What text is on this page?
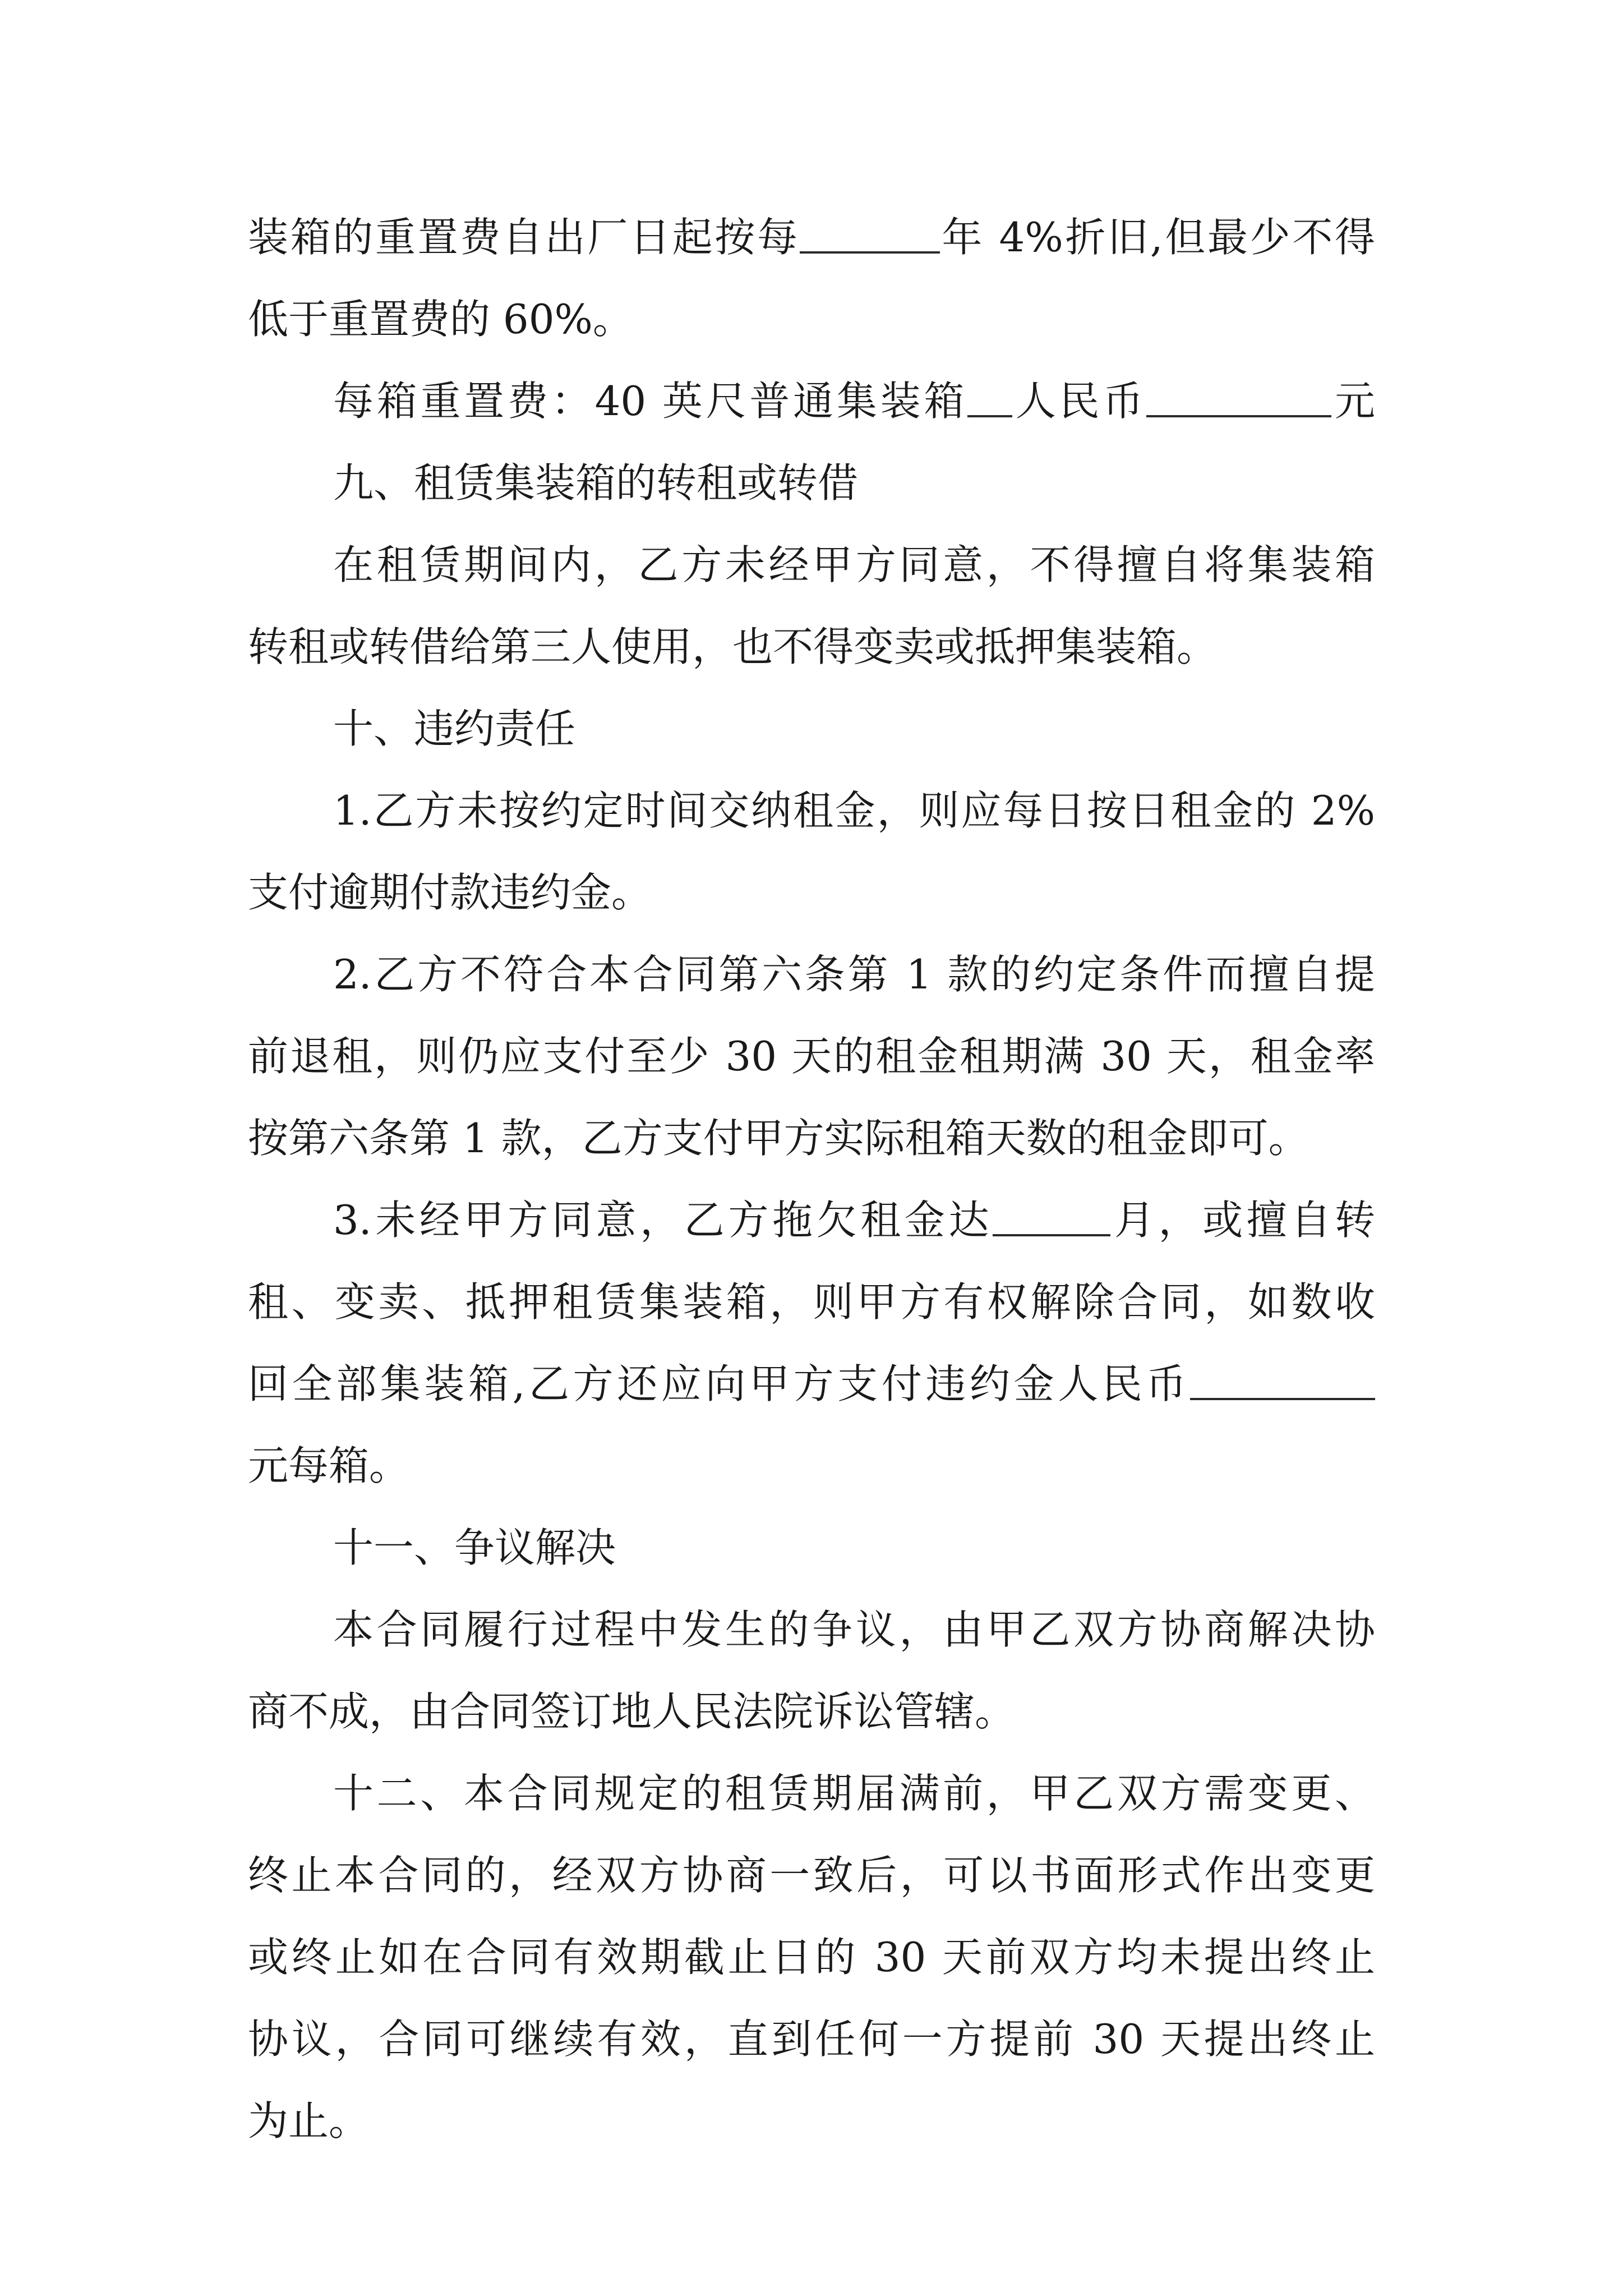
装箱的重置费自出厂日起按每	年 4%折旧,但最少不得
低于重置费的 60%。
每箱重置费：40 英尺普通集装箱 人民币	元
九、租赁集装箱的转租或转借
在租赁期间内，乙方未经甲方同意，不得擅自将集装箱
转租或转借给第三人使用，也不得变卖或抵押集装箱。
十、违约责任
1.乙方未按约定时间交纳租金，则应每日按日租金的 2%
支付逾期付款违约金。
2.乙方不符合本合同第六条第 1 款的约定条件而擅自提
前退租，则仍应支付至少 30 天的租金租期满 30 天，租金率
按第六条第 1 款，乙方支付甲方实际租箱天数的租金即可。
3.未经甲方同意，乙方拖欠租金达	月，或擅自转
租、变卖、抵押租赁集装箱，则甲方有权解除合同，如数收
回全部集装箱,乙方还应向甲方支付违约金人民币
元每箱。
十一、争议解决
本合同履行过程中发生的争议，由甲乙双方协商解决协
商不成，由合同签订地人民法院诉讼管辖。
十二、本合同规定的租赁期届满前，甲乙双方需变更、
终止本合同的，经双方协商一致后，可以书面形式作出变更
或终止如在合同有效期截止日的 30 天前双方均未提出终止
协议，合同可继续有效，直到任何一方提前 30 天提出终止
为止。
